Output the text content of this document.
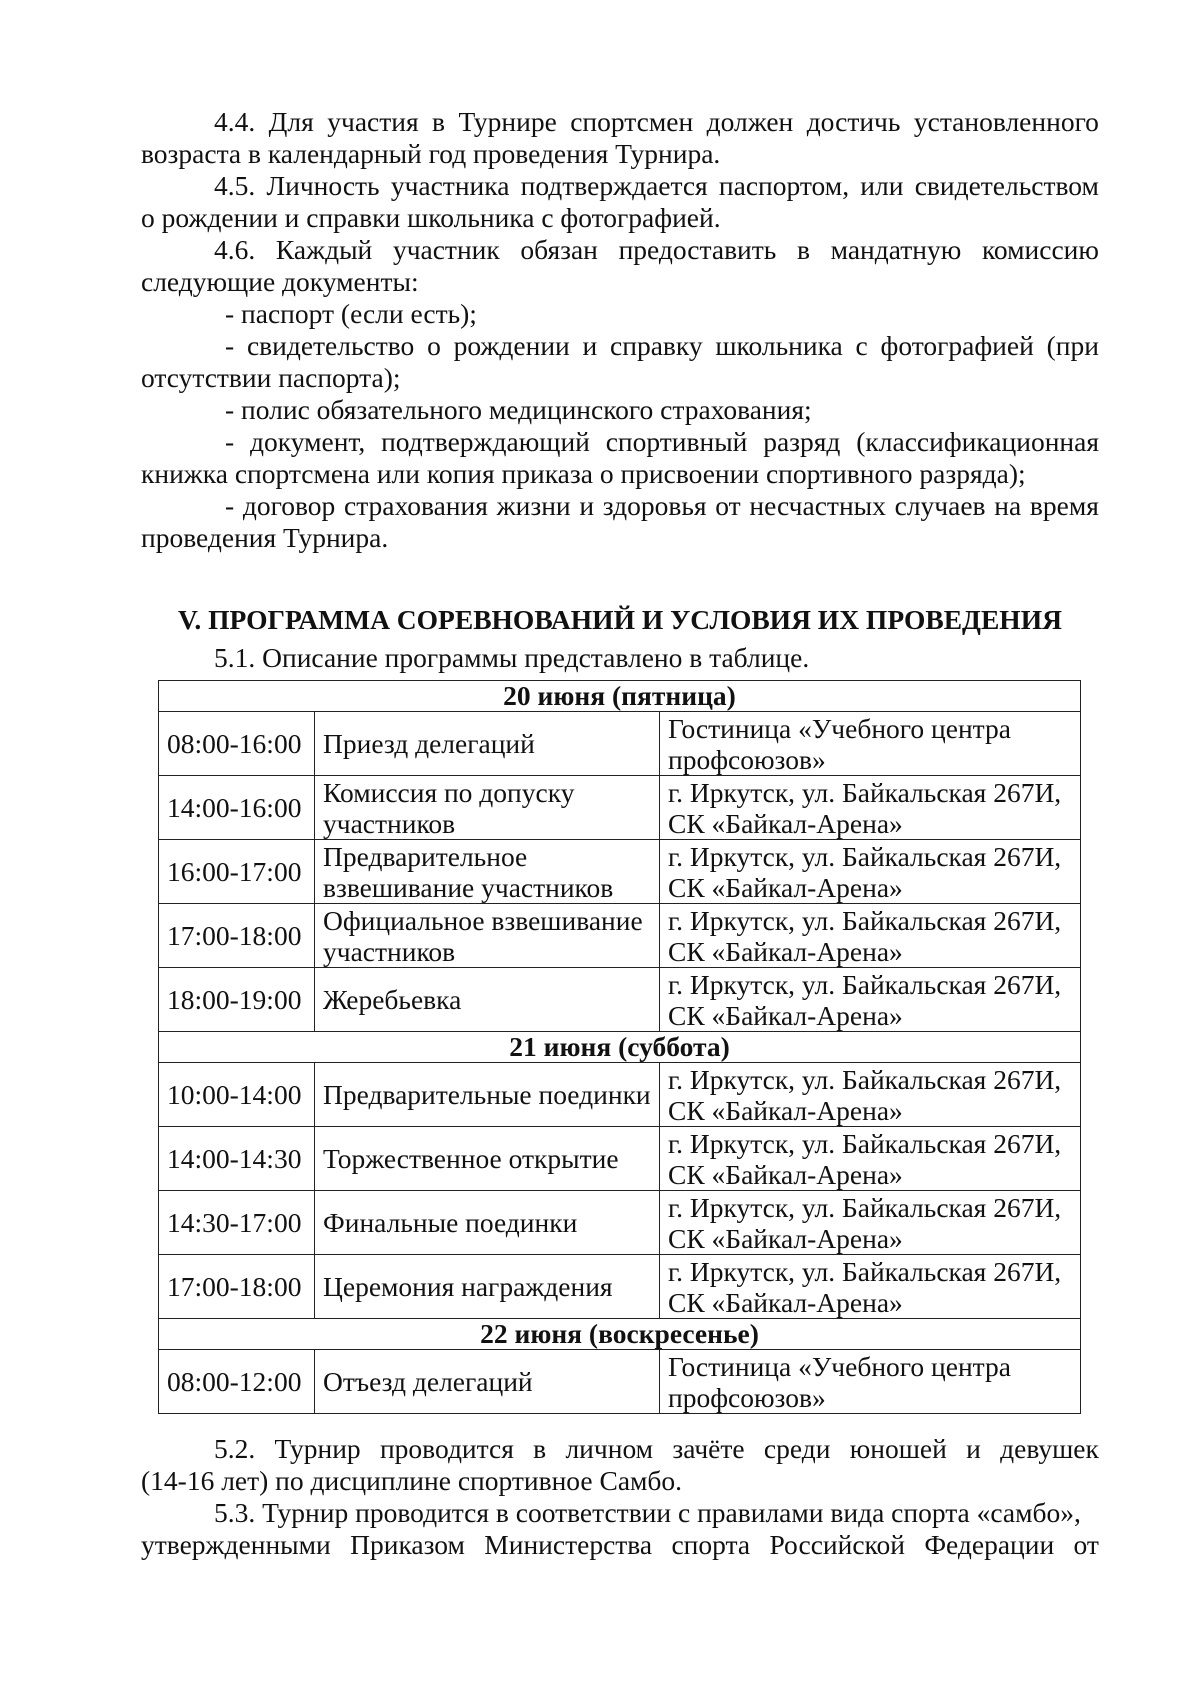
4.4. Для участия в Турнире спортсмен должен достичь установленного
возраста в календарный год проведения Турнира.
4.5. Личность участника подтверждается паспортом, или свидетельством
о рождении и справки школьника с фотографией.
4.6. Каждый участник обязан предоставить в мандатную комиссию
следующие документы:
- паспорт (если есть);
- свидетельство о рождении и справку школьника с фотографией (при
отсутствии паспорта);
- полис обязательного медицинского страхования;
- документ, подтверждающий спортивный разряд (классификационная
книжка спортсмена или копия приказа о присвоении спортивного разряда);
- договор страхования жизни и здоровья от несчастных случаев на время
проведения Турнира.
V. ПРОГРАММА СОРЕВНОВАНИЙ И УСЛОВИЯ ИХ ПРОВЕДЕНИЯ
5.1. Описание программы представлено в таблице.
20 июня (пятница)		
08:00-16:00	Приезд делегаций	Гостиница «Учебного центра профсоюзов»
14:00-16:00	Комиссия по допуску участников	г. Иркутск, ул. Байкальская 267И, СК «Байкал-Арена»
16:00-17:00	Предварительное взвешивание участников	г. Иркутск, ул. Байкальская 267И, СК «Байкал-Арена»
17:00-18:00	Официальное взвешивание участников	г. Иркутск, ул. Байкальская 267И, СК «Байкал-Арена»
18:00-19:00	Жеребьевка	г. Иркутск, ул. Байкальская 267И, СК «Байкал-Арена»
21 июня (суббота)		
10:00-14:00	Предварительные поединки	г. Иркутск, ул. Байкальская 267И, СК «Байкал-Арена»
14:00-14:30	Торжественное открытие	г. Иркутск, ул. Байкальская 267И, СК «Байкал-Арена»
14:30-17:00	Финальные поединки	г. Иркутск, ул. Байкальская 267И, СК «Байкал-Арена»
17:00-18:00	Церемония награждения	г. Иркутск, ул. Байкальская 267И, СК «Байкал-Арена»
22 июня (воскресенье)		
08:00-12:00	Отъезд делегаций	Гостиница «Учебного центра профсоюзов»
5.2. Турнир проводится в личном зачёте среди юношей и девушек
(14-16 лет) по дисциплине спортивное Самбо.
5.3. Турнир проводится в соответствии с правилами вида спорта «самбо»,
утвержденными Приказом Министерства спорта Российской Федерации от
